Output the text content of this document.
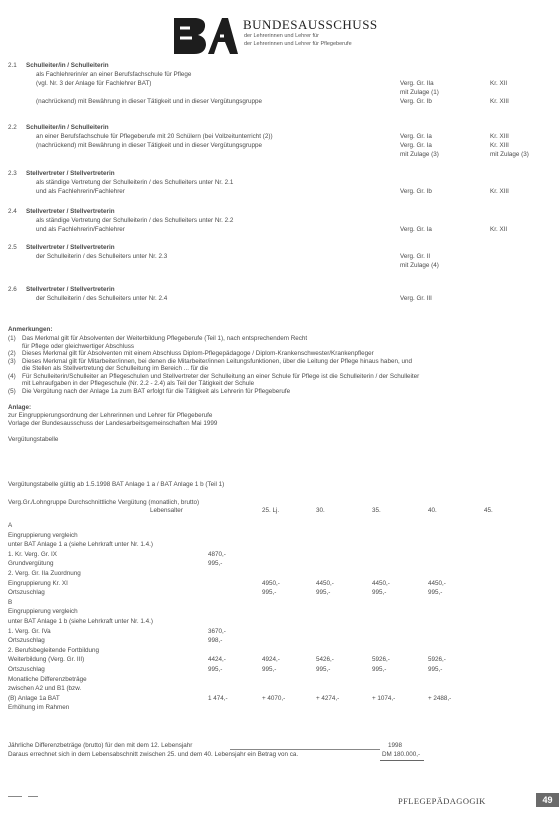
BUNDESAUSSCHUSS
der Lehrerinnen und Lehrer für
der Lehrerinnen und Lehrer für Pflegeberufe
2.1 Schulleiter/in / Schulleiterin
als Fachlehrerin/er an einer Berufsfachschule für Pflege
(vgl. Nr. 3 der Anlage für Fachlehrer BAT)	Verg. Gr. IIa	Kr. XII
mit Zulage (1)
(nachrückend) mit Bewährung in dieser Tätigkeit und in dieser Vergütungsgruppe	Verg. Gr. Ib	Kr. XIII
2.2 Schulleiter/in / Schulleiterin
an einer Berufsfachschule für Pflegeberufe mit 20 Schülern (bei Vollzeitunterricht (2))	Verg. Gr. Ia	Kr. XIII
(nachrückend) mit Bewährung in dieser Tätigkeit und in dieser Vergütungsgruppe	Verg. Gr. Ia	Kr. XIII
mit Zulage (3)	mit Zulage (3)
2.3 Stellvertreter / Stellvertreterin
als ständige Vertretung der Schulleiterin / des Schulleiters unter Nr. 2.1
und als Fachlehrerin/Fachlehrer	Verg. Gr. Ib	Kr. XIII
2.4 Stellvertreter / Stellvertreterin
als ständige Vertretung der Schulleiterin / des Schulleiters unter Nr. 2.2
und als Fachlehrerin/Fachlehrer	Verg. Gr. Ia	Kr. XII
2.5 Stellvertreter / Stellvertreterin
der Schulleiterin / des Schulleiters unter Nr. 2.3	Verg. Gr. II
mit Zulage (4)
2.6 Stellvertreter / Stellvertreterin
der Schulleiterin / des Schulleiters unter Nr. 2.4	Verg. Gr. III
Anmerkungen:
(1) Das Merkmal gilt für Absolventen der Weiterbildung Pflegeberufe (Teil 1), nach entsprechendem Recht
für Pflege oder gleichwertiger Abschluss
(2) Dieses Merkmal gilt für Absolventen mit einem Abschluss Diplom-Pflegepädagoge / Diplom-Krankenschwester/Krankenpfleger
(3) Dieses Merkmal gilt für Mitarbeiter/innen, bei denen die Mitarbeiter/innen Leitungsfunktionen, über die Leitung der Pflege hinaus haben, und
die Stellen als Stellvertretung der Schulleitung im Bereich ... für die
(4) Für Schulleiterin/Schulleiter an Pflegeschulen und Stellvertreter der Schulleitung an einer Schule für Pflege ist die Schulleiterin / der Schulleiter
mit Lehraufgaben in der Pflegeschule (Nr. 2.2 - 2.4) als Teil der Tätigkeit der Schule
(5) Die Vergütung nach der Anlage 1a zum BAT erfolgt für die Tätigkeit als Lehrerin für Pflegeberufe
Anlage:
zur Eingruppierungsordnung der Lehrerinnen und Lehrer für Pflegeberufe
Vorlage der Bundesausschuss der Landesarbeitsgemeinschaften Mai 1999
Vergütungstabelle
Vergütungstabelle gültig ab 1.5.1998 BAT Anlage 1 a / BAT Anlage 1 b (Teil 1)
Verg.Gr./Lohngruppe Durchschnittliche Vergütung (monatlich, brutto)
Lebensalter	25. Lj.	30.	35.	40.	45.
A
Eingruppierung vergleich
unter BAT Anlage 1 a (siehe Lehrkraft unter Nr. 1.4.)
1. Kr. Verg. Gr. IX	4870,-
Grundvergütung	995,-
2. Verg. Gr. IIa Zuordnung
Eingruppierung Kr. XI	4950,-	4450,-	4450,-	4450,-
Ortszuschlag	995,-	995,-	995,-	995,-
B
Eingruppierung vergleich
unter BAT Anlage 1 b (siehe Lehrkraft unter Nr. 1.4.)
1. Verg. Gr. IVa	3670,-
Ortszuschlag	998,-
2. Berufsbegleitende Fortbildung
Weiterbildung (Verg. Gr. III)	4424,-	4924,-	5426,-	5926,-	5926,-
Ortszuschlag	995,-	995,-	995,-	995,-	995,-
Monatliche Differenzbeträge
zwischen A2 und B1 (bzw.
(B) Anlage 1a BAT	1 474,-	+ 4070,-	+ 4274,-	+ 1074,-	+ 2488,-
Erhöhung im Rahmen
Jährliche Differenzbeträge (brutto) für den mit dem 12. Lebensjahr	1998
Daraus errechnet sich in dem Lebensabschnitt zwischen 25. und dem 40. Lebensjahr ein Betrag von ca.	DM 180.000,-
PFLEGEPÄDAGOGIK	49
